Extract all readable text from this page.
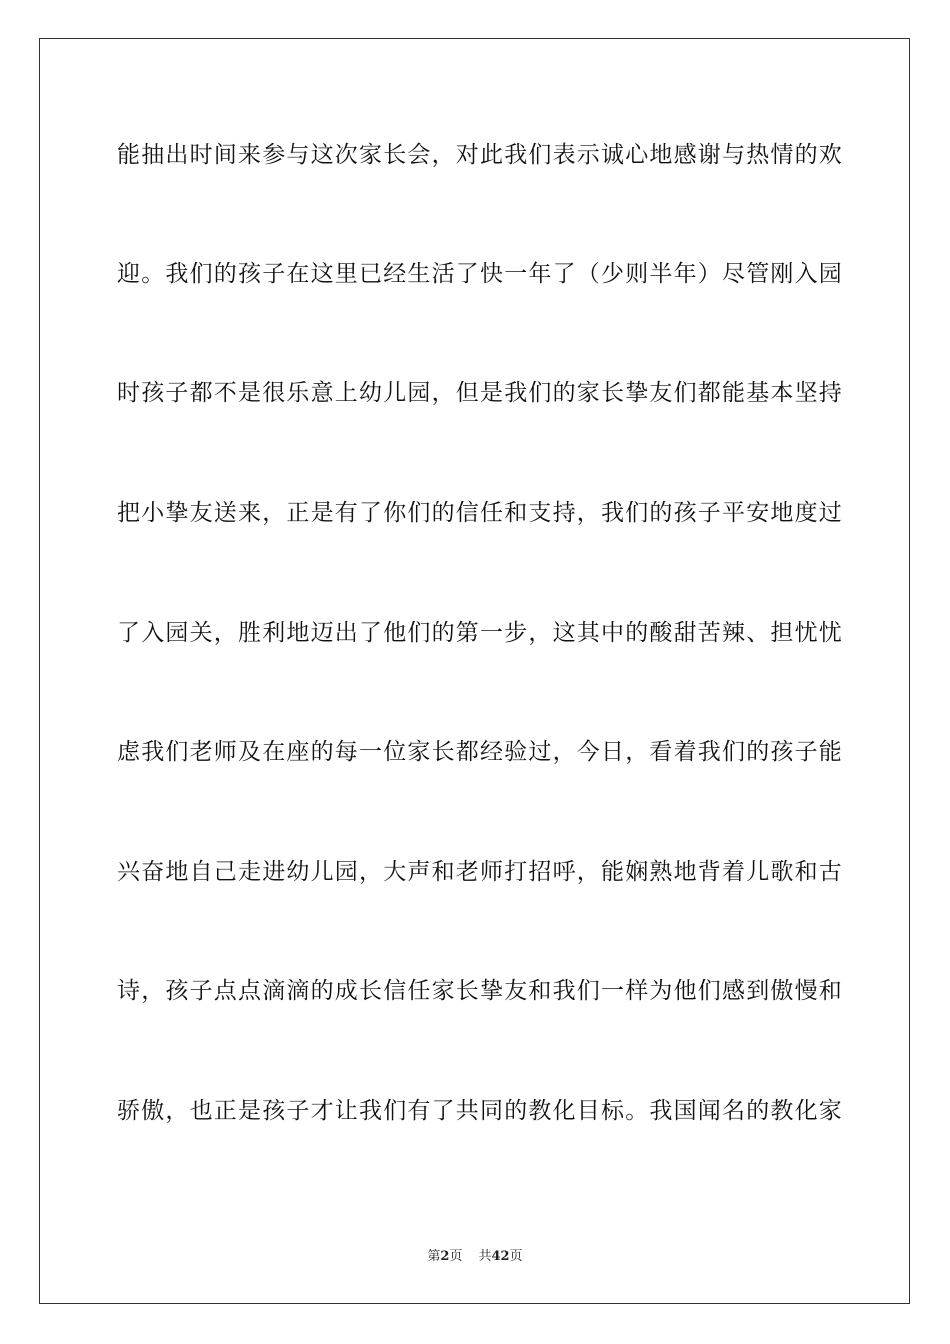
能抽出时间来参与这次家长会，对此我们表示诚心地感谢与热情的欢
迎。我们的孩子在这里已经生活了快一年了（少则半年）尽管刚入园
时孩子都不是很乐意上幼儿园，但是我们的家长挚友们都能基本坚持
把小挚友送来，正是有了你们的信任和支持，我们的孩子平安地度过
了入园关，胜利地迈出了他们的第一步，这其中的酸甜苦辣、担忧忧
虑我们老师及在座的每一位家长都经验过，今日，看着我们的孩子能
兴奋地自己走进幼儿园，大声和老师打招呼，能娴熟地背着儿歌和古
诗，孩子点点滴滴的成长信任家长挚友和我们一样为他们感到傲慢和
骄傲，也正是孩子才让我们有了共同的教化目标。我国闻名的教化家
第2页 共42页
